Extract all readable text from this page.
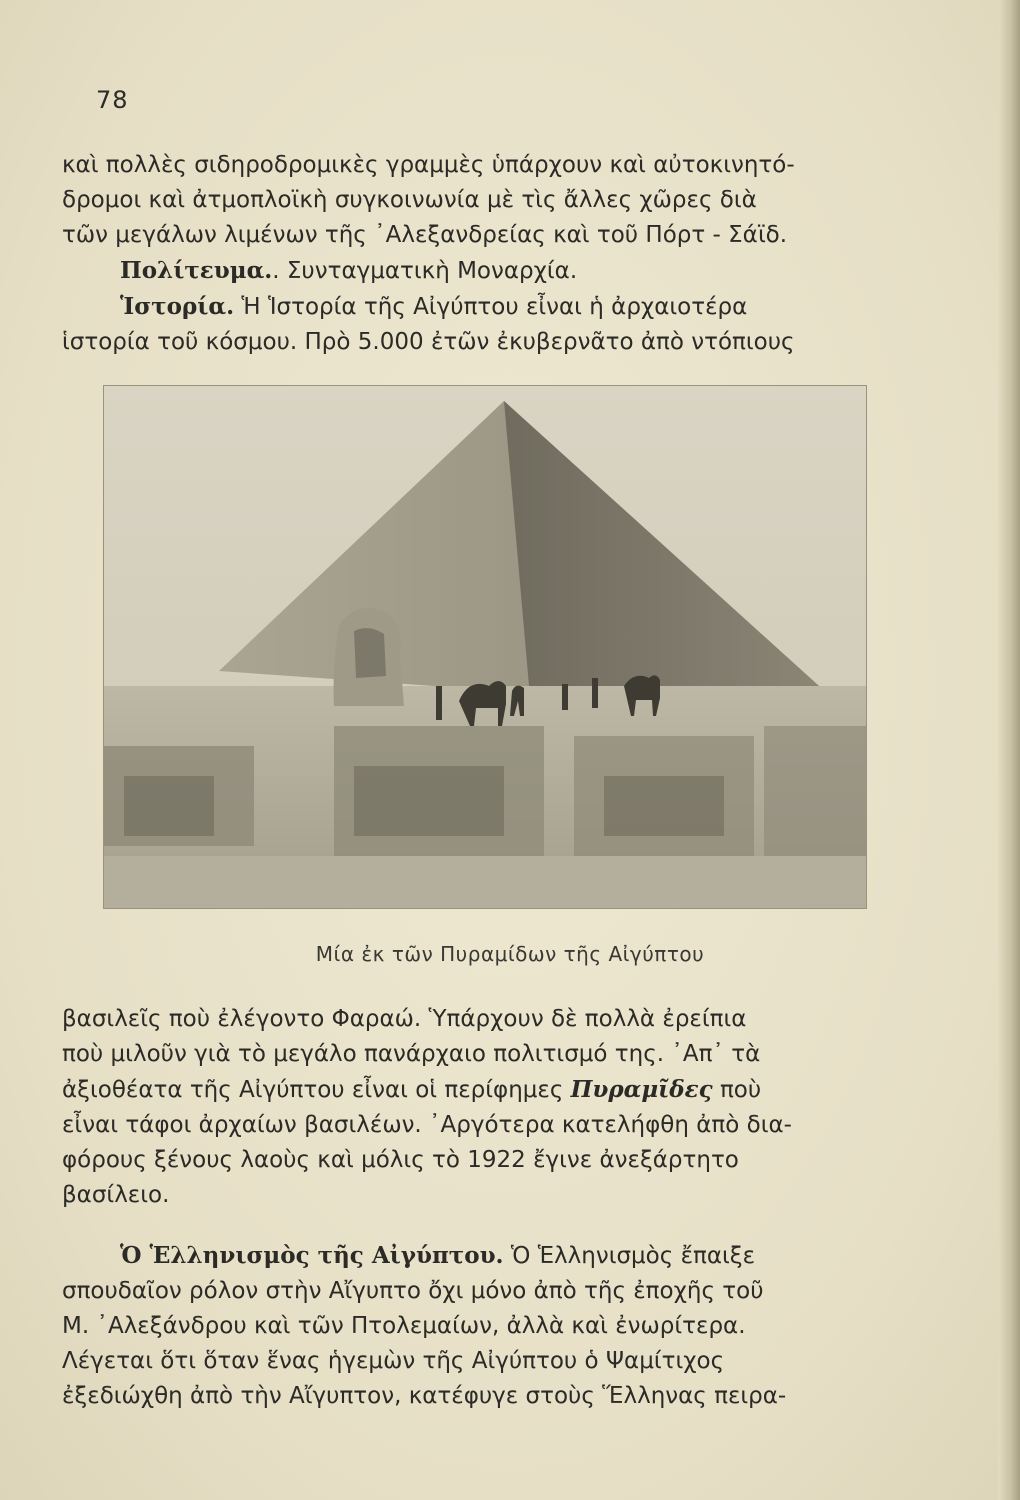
78
καὶ πολλὲς σιδηροδρομικὲς γραμμὲς ὑπάρχουν καὶ αὐτοκινητό-
δρομοι καὶ ἀτμοπλοϊκὴ συγκοινωνία μὲ τὶς ἄλλες χῶρες διὰ
τῶν μεγάλων λιμένων τῆς ᾿Αλεξανδρείας καὶ τοῦ Πόρτ - Σάϊδ.
Πολίτευμα.. Συνταγματικὴ Μοναρχία.
Ἱστορία. Ἡ Ἱστορία τῆς Αἰγύπτου εἶναι ἡ ἀρχαιοτέρα
ἱστορία τοῦ κόσμου. Πρὸ 5.000 ἐτῶν ἐκυβερνᾶτο ἀπὸ ντόπιους
Μία ἐκ τῶν Πυραμίδων τῆς Αἰγύπτου
βασιλεῖς ποὺ ἐλέγοντο Φαραώ. Ὑπάρχουν δὲ πολλὰ ἐρείπια
ποὺ μιλοῦν γιὰ τὸ μεγάλο πανάρχαιο πολιτισμό της. ᾿Απ᾿ τὰ
ἀξιοθέατα τῆς Αἰγύπτου εἶναι οἱ περίφημες Πυραμῖδες ποὺ
εἶναι τάφοι ἀρχαίων βασιλέων. ᾿Αργότερα κατελήφθη ἀπὸ δια-
φόρους ξένους λαοὺς καὶ μόλις τὸ 1922 ἔγινε ἀνεξάρτητο
βασίλειο.
Ὁ Ἑλληνισμὸς τῆς Αἰγύπτου. Ὁ Ἑλληνισμὸς ἔπαιξε
σπουδαῖον ρόλον στὴν Αἴγυπτο ὄχι μόνο ἀπὸ τῆς ἐποχῆς τοῦ
Μ. ᾿Αλεξάνδρου καὶ τῶν Πτολεμαίων, ἀλλὰ καὶ ἐνωρίτερα.
Λέγεται ὅτι ὅταν ἕνας ἡγεμὼν τῆς Αἰγύπτου ὁ Ψαμίτιχος
ἐξεδιώχθη ἀπὸ τὴν Αἴγυπτον, κατέφυγε στοὺς Ἕλληνας πειρα-
